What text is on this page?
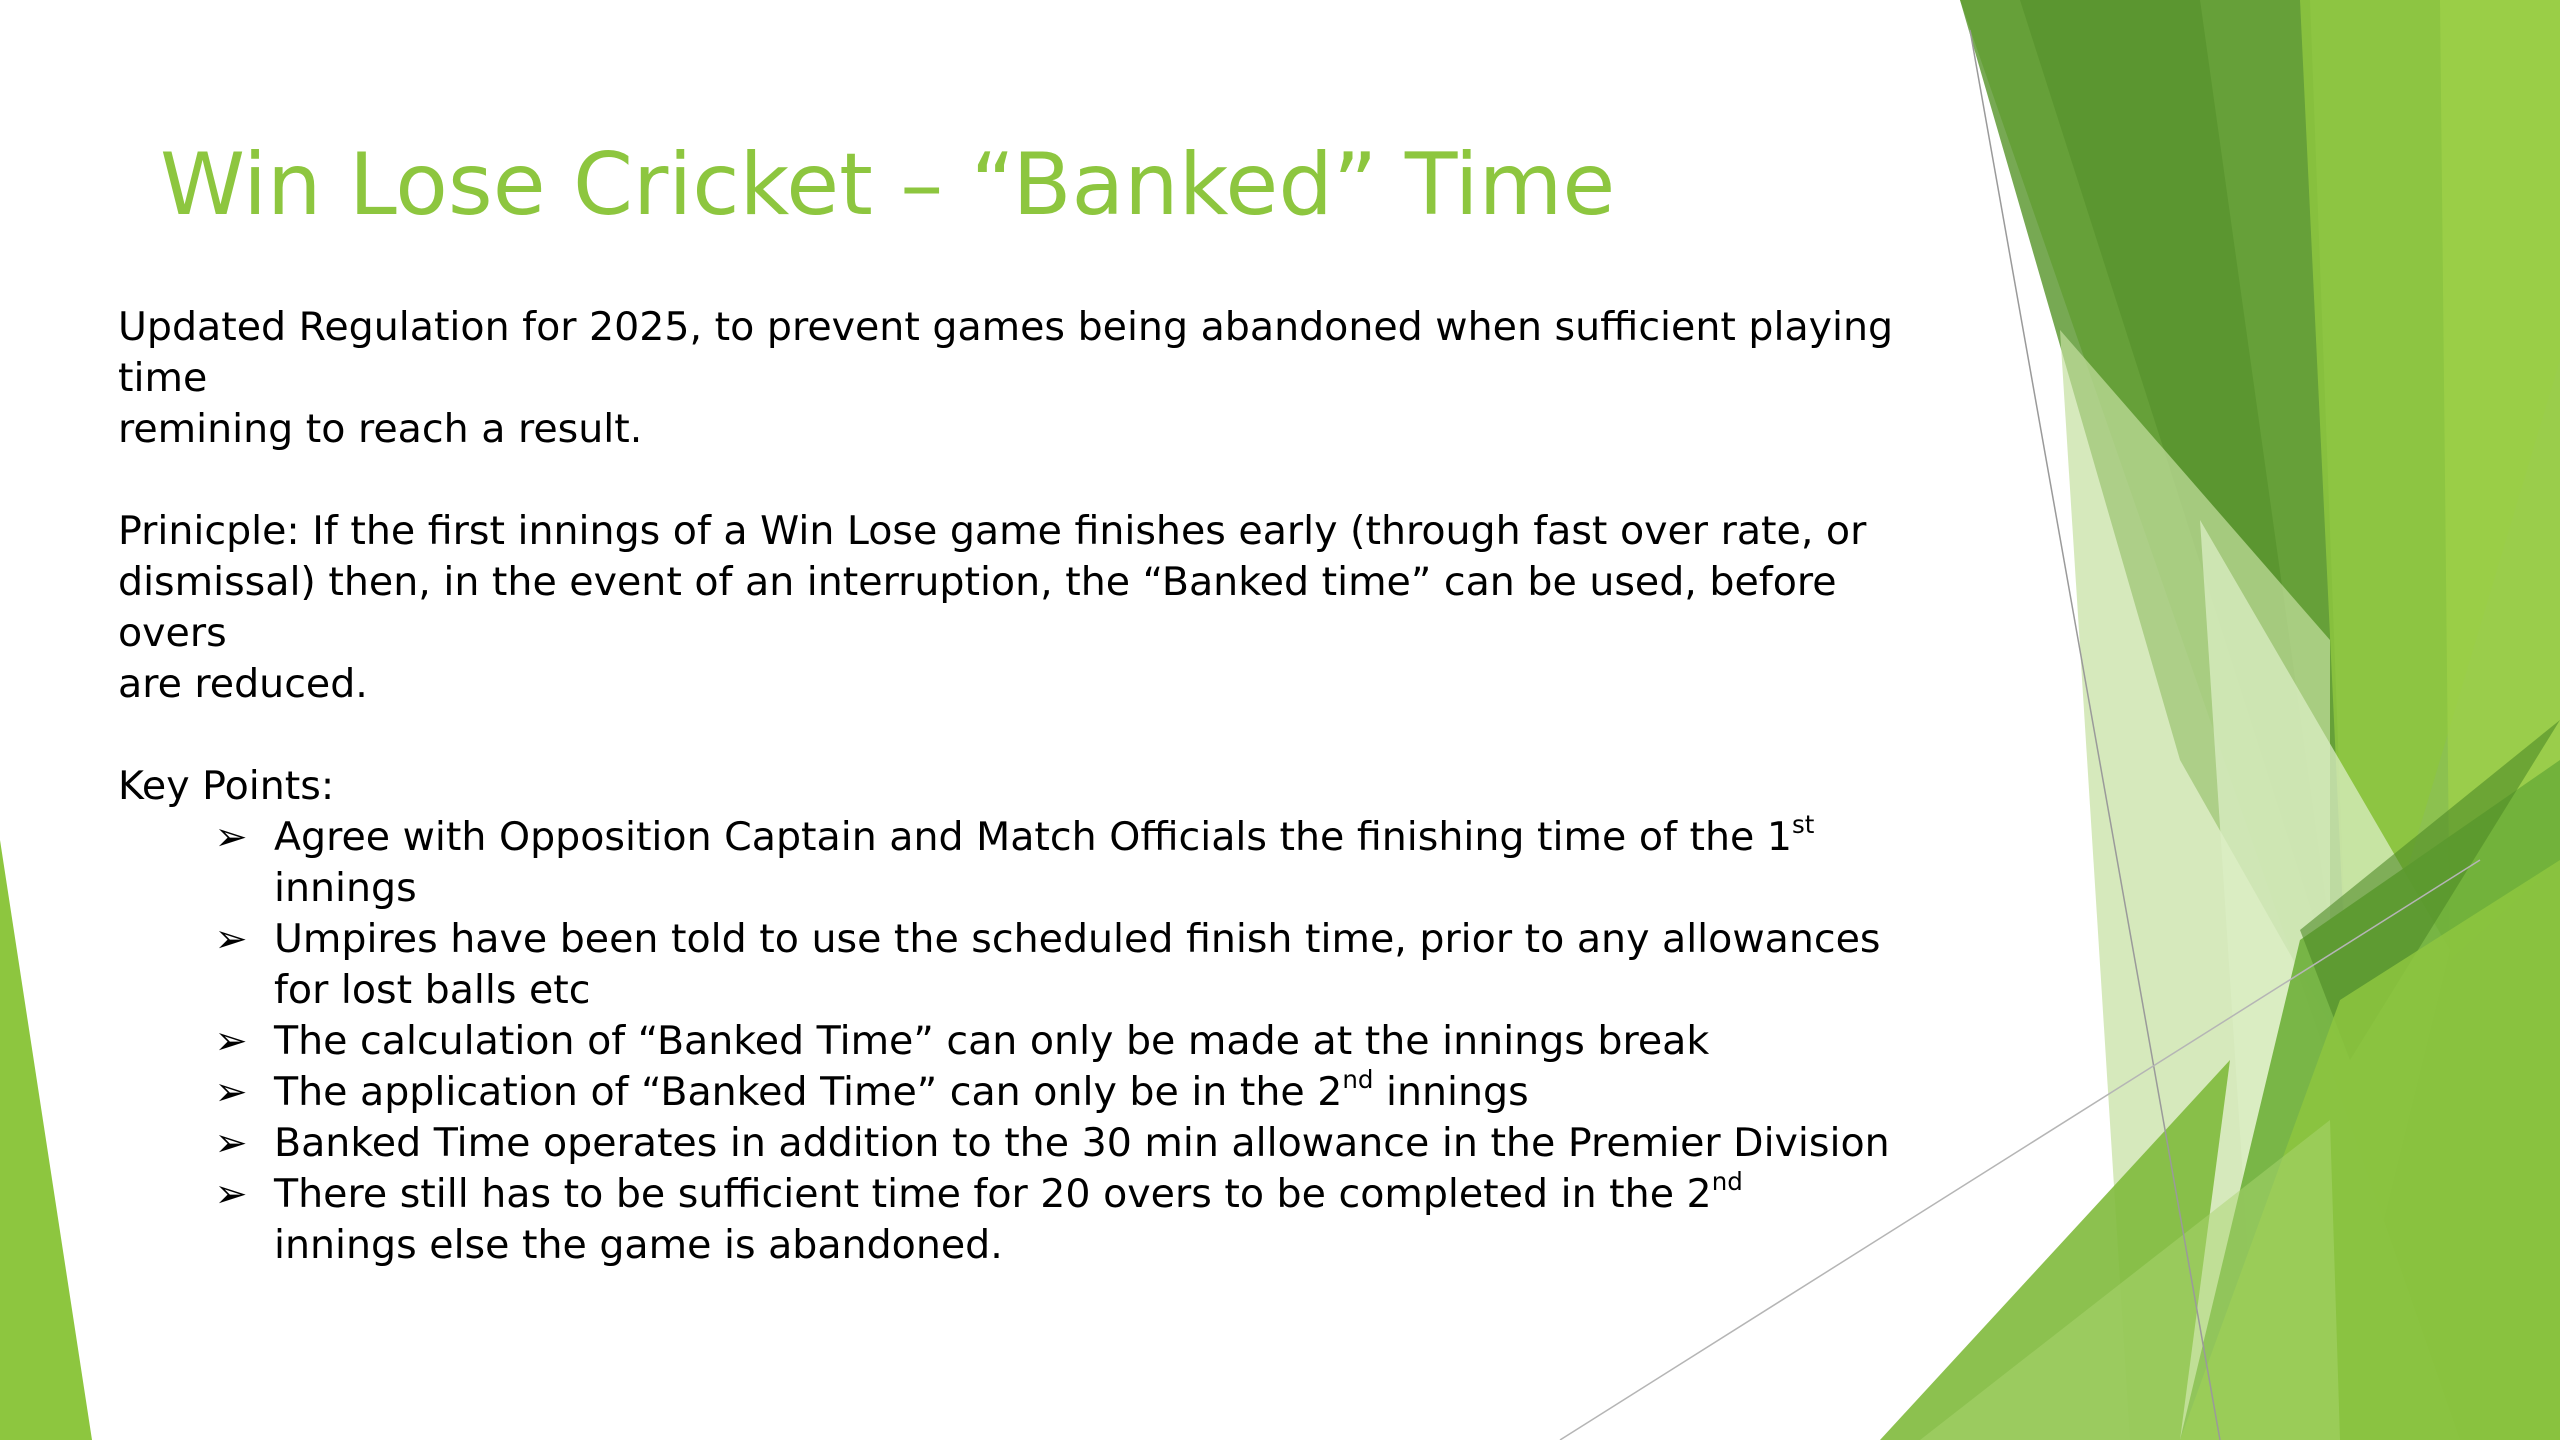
Win Lose Cricket – “Banked” Time

Updated Regulation for 2025, to prevent games being abandoned when sufficient playing time
remining to reach a result.

Prinicple: If the first innings of a Win Lose game finishes early (through fast over rate, or
dismissal) then, in the event of an interruption, the “Banked time” can be used, before overs
are reduced.

Key Points:

➢ Agree with Opposition Captain and Match Officials the finishing time of the 1st
innings
➢ Umpires have been told to use the scheduled finish time, prior to any allowances
for lost balls etc
➢ The calculation of “Banked Time” can only be made at the innings break
➢ The application of “Banked Time” can only be in the 2nd innings
➢ Banked Time operates in addition to the 30 min allowance in the Premier Division
➢ There still has to be sufficient time for 20 overs to be completed in the 2nd
innings else the game is abandoned.
